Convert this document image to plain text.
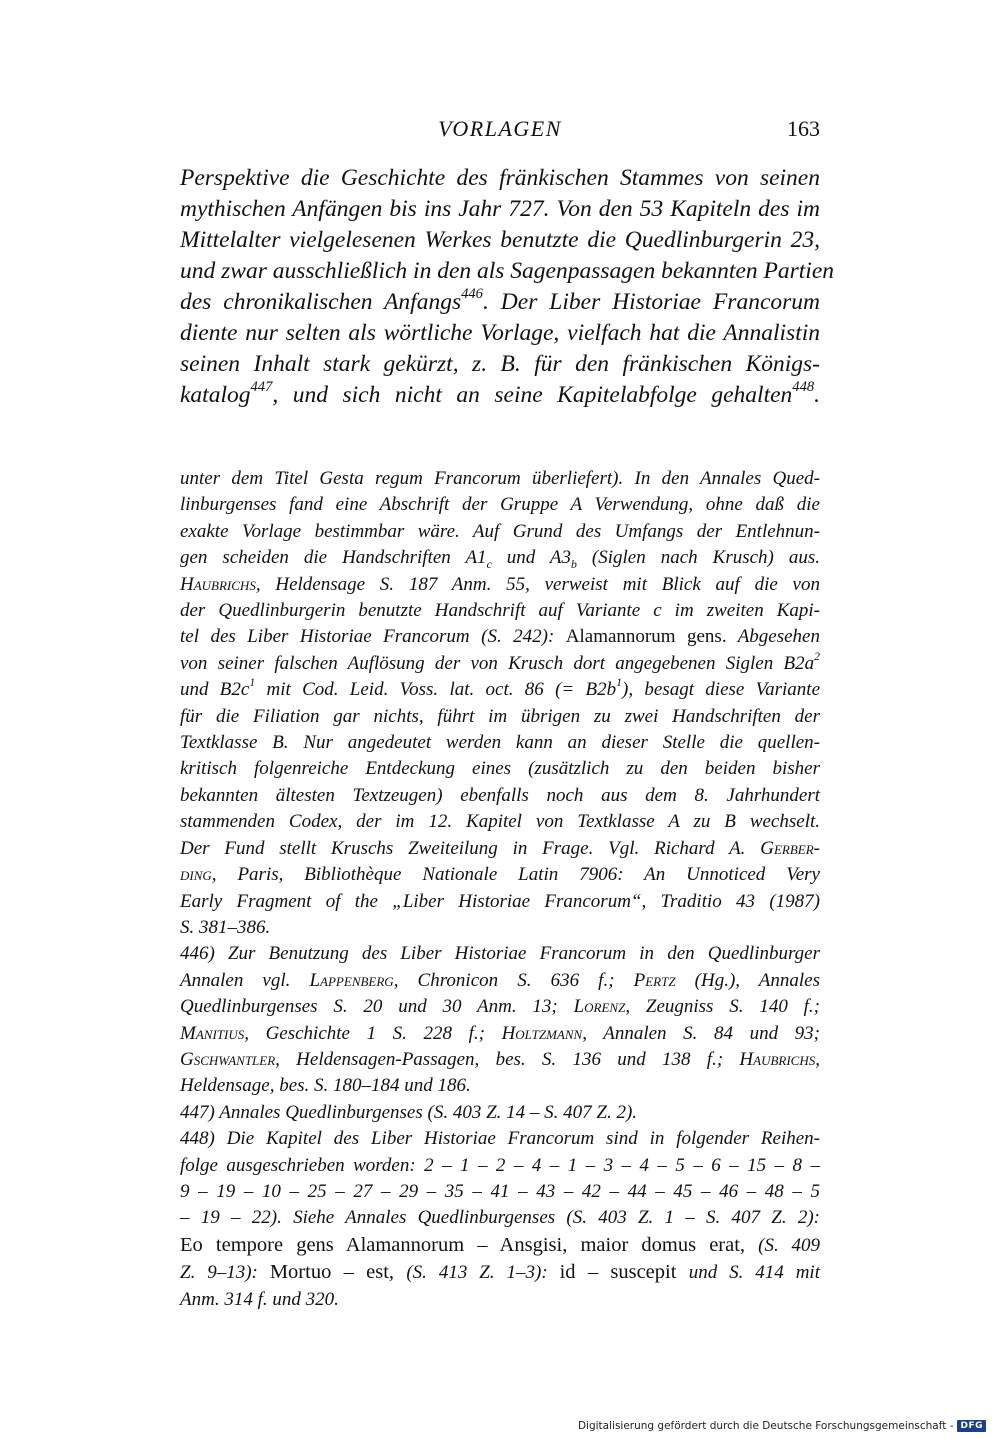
VORLAGEN	163
Perspektive die Geschichte des fränkischen Stammes von seinen
mythischen Anfängen bis ins Jahr 727. Von den 53 Kapiteln des im
Mittelalter vielgelesenen Werkes benutzte die Quedlinburgerin 23,
und zwar ausschließlich in den als Sagenpassagen bekannten Partien
des chronikalischen Anfangs$^{446}$. Der Liber Historiae Francorum
diente nur selten als wörtliche Vorlage, vielfach hat die Annalistin
seinen Inhalt stark gekürzt, z. B. für den fränkischen Königs-
katalog$^{447}$, und sich nicht an seine Kapitelabfolge gehalten$^{448}$.
unter dem Titel Gesta regum Francorum überliefert). In den Annales Qued-
linburgenses fand eine Abschrift der Gruppe A Verwendung, ohne daß die
exakte Vorlage bestimmbar wäre. Auf Grund des Umfangs der Entlehnun-
gen scheiden die Handschriften $A1_c$ und $A3_b$ (Siglen nach Krusch) aus.
Haubrichs, Heldensage S. 187 Anm. 55, verweist mit Blick auf die von
der Quedlinburgerin benutzte Handschrift auf Variante c im zweiten Kapi-
tel des Liber Historiae Francorum (S. 242): Alamannorum gens. Abgesehen
von seiner falschen Auflösung der von Krusch dort angegebenen Siglen $B2a^2$
und $B2c^1$ mit Cod. Leid. Voss. lat. oct. 86 (= $B2b^1$), besagt diese Variante
für die Filiation gar nichts, führt im übrigen zu zwei Handschriften der
Textklasse B. Nur angedeutet werden kann an dieser Stelle die quellen-
kritisch folgenreiche Entdeckung eines (zusätzlich zu den beiden bisher
bekannten ältesten Textzeugen) ebenfalls noch aus dem 8. Jahrhundert
stammenden Codex, der im 12. Kapitel von Textklasse A zu B wechselt.
Der Fund stellt Kruschs Zweiteilung in Frage. Vgl. Richard A. Gerber-
ding, Paris, Bibliothèque Nationale Latin 7906: An Unnoticed Very
Early Fragment of the „Liber Historiae Francorum“, Traditio 43 (1987)
S. 381–386.
446) Zur Benutzung des Liber Historiae Francorum in den Quedlinburger
Annalen vgl. Lappenberg, Chronicon S. 636 f.; Pertz (Hg.), Annales
Quedlinburgenses S. 20 und 30 Anm. 13; Lorenz, Zeugniss S. 140 f.;
Manitius, Geschichte 1 S. 228 f.; Holtzmann, Annalen S. 84 und 93;
Gschwantler, Heldensagen-Passagen, bes. S. 136 und 138 f.; Haubrichs,
Heldensage, bes. S. 180–184 und 186.
447) Annales Quedlinburgenses (S. 403 Z. 14 – S. 407 Z. 2).
448) Die Kapitel des Liber Historiae Francorum sind in folgender Reihen-
folge ausgeschrieben worden: 2 – 1 – 2 – 4 – 1 – 3 – 4 – 5 – 6 – 15 – 8 –
9 – 19 – 10 – 25 – 27 – 29 – 35 – 41 – 43 – 42 – 44 – 45 – 46 – 48 – 5
– 19 – 22). Siehe Annales Quedlinburgenses (S. 403 Z. 1 – S. 407 Z. 2):
Eo tempore gens Alamannorum – Ansgisi, maior domus erat, (S. 409
Z. 9–13): Mortuo – est, (S. 413 Z. 1–3): id – suscepit und S. 414 mit
Anm. 314 f. und 320.
Digitalisierung gefördert durch die Deutsche Forschungsgemeinschaft - DFG
